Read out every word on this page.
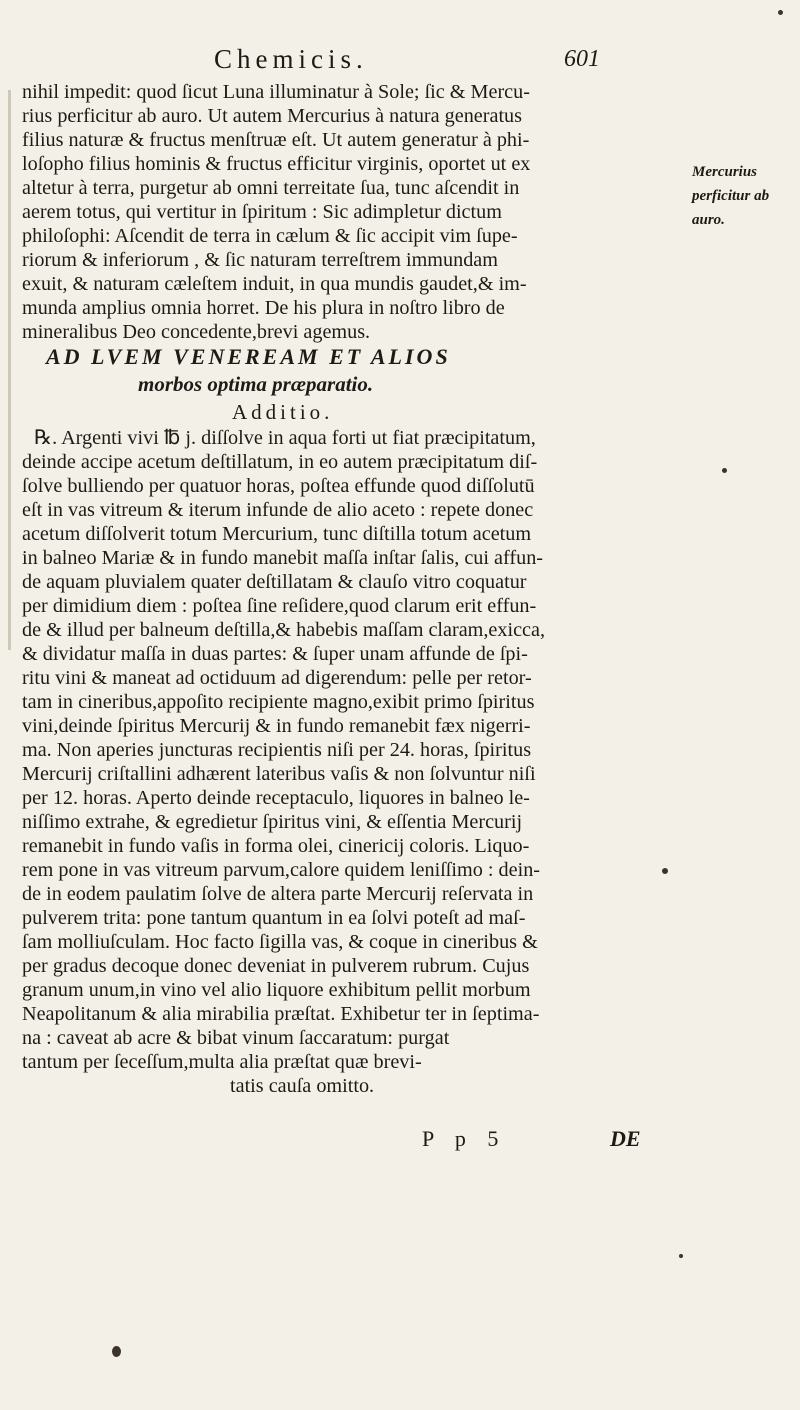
Chemicis.	601
nihil impedit: quod ſicut Luna illuminatur à Sole; ſic & Mercu-
rius perficitur ab auro. Ut autem Mercurius à natura generatus
filius naturæ & fructus menſtruæ eſt. Ut autem generatur à phi-
loſopho filius hominis & fructus efficitur virginis, oportet ut ex
altetur à terra, purgetur ab omni terreitate ſua, tunc aſcendit in
aerem totus, qui vertitur in ſpiritum : Sic adimpletur dictum
philoſophi: Aſcendit de terra in cælum & ſic accipit vim ſupe-
riorum & inferiorum , & ſic naturam terreſtrem immundam
exuit, & naturam cæleſtem induit, in qua mundis gaudet,& im-
munda amplius omnia horret. De his plura in noſtro libro de
mineralibus Deo concedente,brevi agemus.
AD LVEM VENEREAM ET ALIOS
morbos optima præparatio.
Additio.
℞. Argenti vivi ℔ j. diſſolve in aqua forti ut fiat præcipitatum,
deinde accipe acetum deſtillatum, in eo autem præcipitatum diſ-
ſolve bulliendo per quatuor horas, poſtea effunde quod diſſolutū
eſt in vas vitreum & iterum infunde de alio aceto : repete donec
acetum diſſolverit totum Mercurium, tunc diſtilla totum acetum
in balneo Mariæ & in fundo manebit maſſa inſtar ſalis, cui affun-
de aquam pluvialem quater deſtillatam & clauſo vitro coquatur
per dimidium diem : poſtea ſine reſidere,quod clarum erit effun-
de & illud per balneum deſtilla,& habebis maſſam claram,exicca,
& dividatur maſſa in duas partes: & ſuper unam affunde de ſpi-
ritu vini & maneat ad octiduum ad digerendum: pelle per retor-
tam in cineribus,appoſito recipiente magno,exibit primo ſpiritus
vini,deinde ſpiritus Mercurij & in fundo remanebit fæx nigerri-
ma. Non aperies juncturas recipientis niſi per 24. horas, ſpiritus
Mercurij criſtallini adhærent lateribus vaſis & non ſolvuntur niſi
per 12. horas. Aperto deinde receptaculo, liquores in balneo le-
niſſimo extrahe, & egredietur ſpiritus vini, & eſſentia Mercurij
remanebit in fundo vaſis in forma olei, cinericij coloris. Liquo-
rem pone in vas vitreum parvum,calore quidem leniſſimo : dein-
de in eodem paulatim ſolve de altera parte Mercurij reſervata in
pulverem trita: pone tantum quantum in ea ſolvi poteſt ad maſ-
ſam molliuſculam. Hoc facto ſigilla vas, & coque in cineribus &
per gradus decoque donec deveniat in pulverem rubrum. Cujus
granum unum,in vino vel alio liquore exhibitum pellit morbum
Neapolitanum & alia mirabilia præſtat. Exhibetur ter in ſeptima-
na : caveat ab acre & bibat vinum ſaccaratum: purgat
tantum per ſeceſſum,multa alia præſtat quæ brevi-
tatis cauſa omitto.
P p 5	DE
Mercurius
perficitur ab
auro.
